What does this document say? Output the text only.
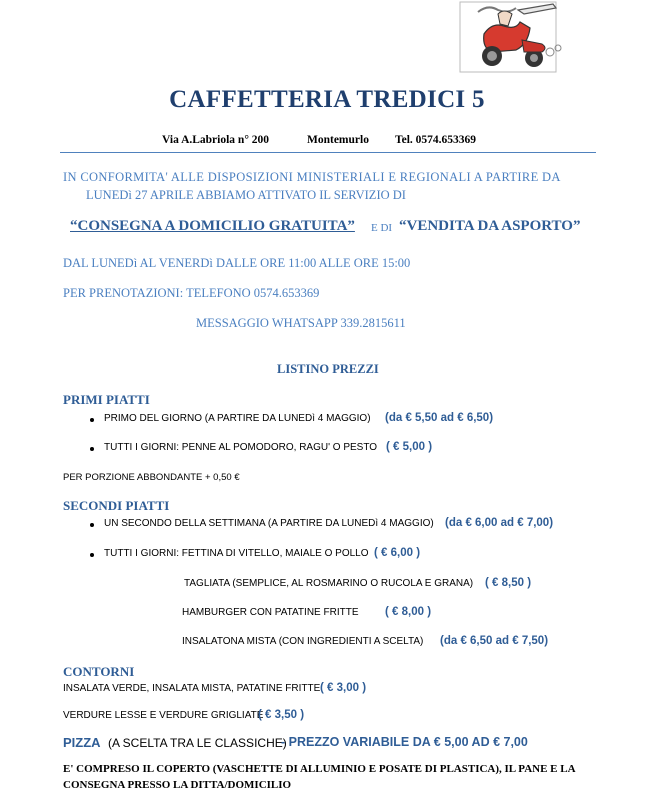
CAFFETTERIA TREDICI 5
Via A.Labriola n° 200	Montemurlo Tel. 0574.653369
IN CONFORMITA' ALLE DISPOSIZIONI MINISTERIALI E REGIONALI A PARTIRE DA
LUNEDì 27 APRILE ABBIAMO ATTIVATO IL SERVIZIO DI
“CONSEGNA A DOMICILIO GRATUITA” E DI “VENDITA DA ASPORTO”
DAL LUNEDì AL VENERDì DALLE ORE 11:00 ALLE ORE 15:00
PER PRENOTAZIONI: TELEFONO 0574.653369
MESSAGGIO WHATSAPP 339.2815611
LISTINO PREZZI
PRIMI PIATTI
PRIMO DEL GIORNO (A PARTIRE DA LUNEDì 4 MAGGIO) (da € 5,50 ad € 6,50)
TUTTI I GIORNI: PENNE AL POMODORO, RAGU' O PESTO ( € 5,00 )
PER PORZIONE ABBONDANTE + 0,50 €
SECONDI PIATTI
UN SECONDO DELLA SETTIMANA (A PARTIRE DA LUNEDì 4 MAGGIO) (da € 6,00 ad € 7,00)
TUTTI I GIORNI: FETTINA DI VITELLO, MAIALE O POLLO ( € 6,00 )
TAGLIATA (SEMPLICE, AL ROSMARINO O RUCOLA E GRANA) ( € 8,50 )
HAMBURGER CON PATATINE FRITTE ( € 8,00 )
INSALATONA MISTA (CON INGREDIENTI A SCELTA) (da € 6,50 ad € 7,50)
CONTORNI
INSALATA VERDE, INSALATA MISTA, PATATINE FRITTE ( € 3,00 )
VERDURE LESSE E VERDURE GRIGLIATE
( € 3,50 )
PIZZA (A SCELTA TRA LE CLASSICHE)
- PREZZO VARIABILE DA € 5,00 AD € 7,00
E' COMPRESO IL COPERTO (VASCHETTE DI ALLUMINIO E POSATE DI PLASTICA), IL PANE E LA
CONSEGNA PRESSO LA DITTA/DOMICILIO
